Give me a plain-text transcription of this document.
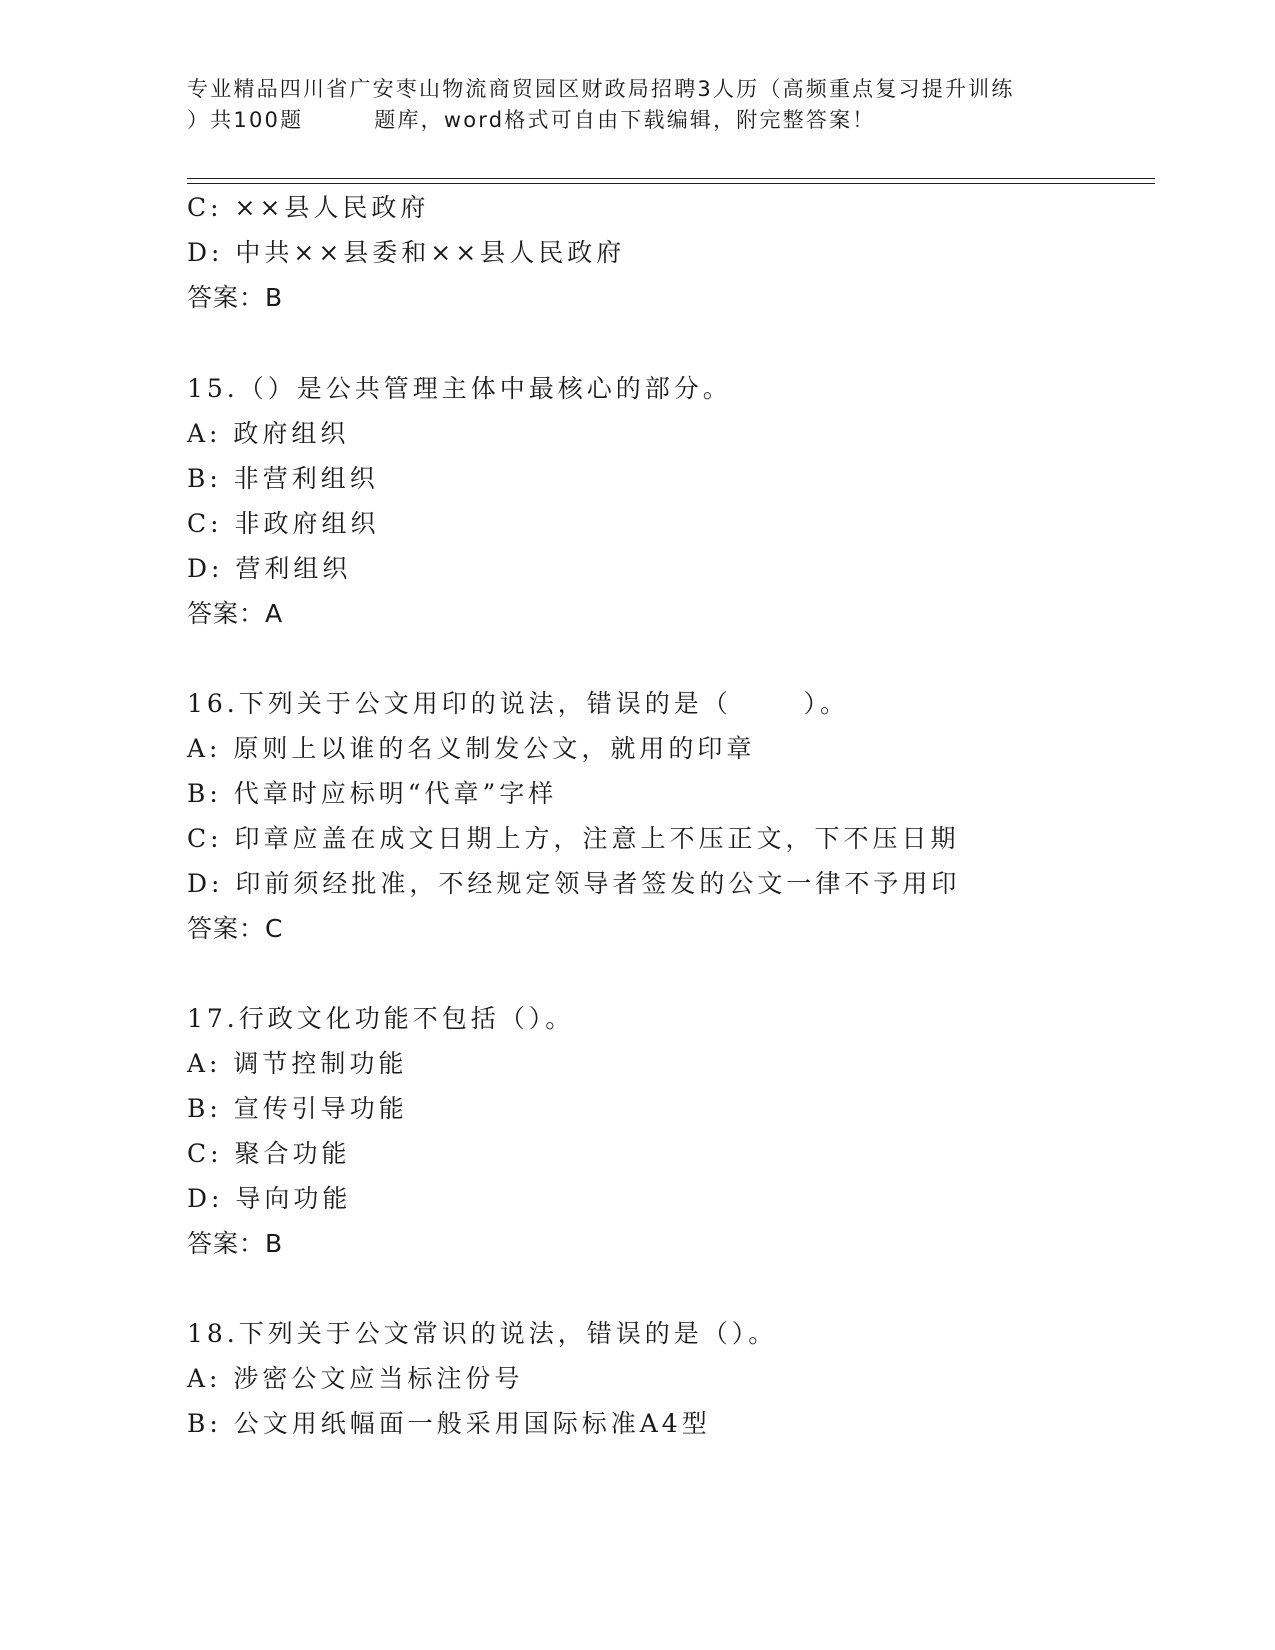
专业精品四川省广安枣山物流商贸园区财政局招聘3人历（高频重点复习提升训练
）共100题        题库，word格式可自由下载编辑，附完整答案！
C: ××县人民政府
D: 中共××县委和××县人民政府
答案：B
15.（）是公共管理主体中最核心的部分。
A: 政府组织
B: 非营利组织
C: 非政府组织
D: 营利组织
答案：A
16.下列关于公文用印的说法，错误的是（      ）。
A: 原则上以谁的名义制发公文，就用的印章
B: 代章时应标明“代章”字样
C: 印章应盖在成文日期上方，注意上不压正文，下不压日期
D: 印前须经批准，不经规定领导者签发的公文一律不予用印
答案：C
17.行政文化功能不包括（）。
A: 调节控制功能
B: 宣传引导功能
C: 聚合功能
D: 导向功能
答案：B
18.下列关于公文常识的说法，错误的是（）。
A: 涉密公文应当标注份号
B: 公文用纸幅面一般采用国际标准A4型
